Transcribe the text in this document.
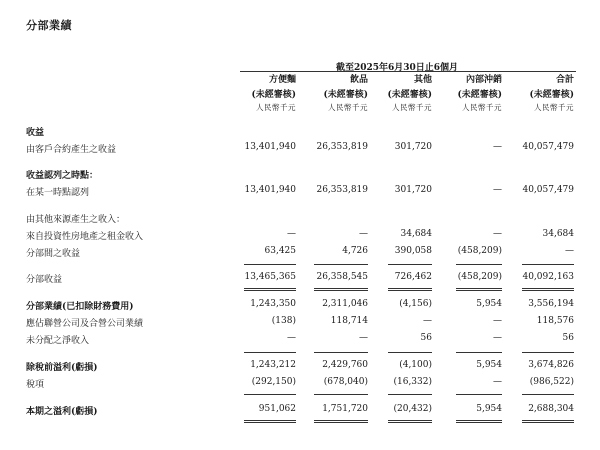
分部業績
截至2025年6月30日止6個月
方便麵	飲品	其他	內部沖銷	合計
(未經審核)	(未經審核)	(未經審核)	(未經審核)	(未經審核)
人民幣千元	人民幣千元	人民幣千元	人民幣千元	人民幣千元
收益
由客戶合約產生之收益	13,401,940	26,353,819	301,720	—	40,057,479
收益認列之時點：
在某一時點認列	13,401,940	26,353,819	301,720	—	40,057,479
由其他來源產生之收入：
來自投資性房地產之租金收入	—	—	34,684	—	34,684
分部間之收益	63,425	4,726	390,058	(458,209)	—
分部收益	13,465,365	26,358,545	726,462	(458,209)	40,092,163
分部業績(已扣除財務費用)	1,243,350	2,311,046	(4,156)	5,954	3,556,194
應佔聯營公司及合營公司業績	(138)	118,714	—	—	118,576
未分配之淨收入	—	—	56	—	56
除稅前溢利(虧損)	1,243,212	2,429,760	(4,100)	5,954	3,674,826
稅項	(292,150)	(678,040)	(16,332)	—	(986,522)
本期之溢利(虧損)	951,062	1,751,720	(20,432)	5,954	2,688,304
